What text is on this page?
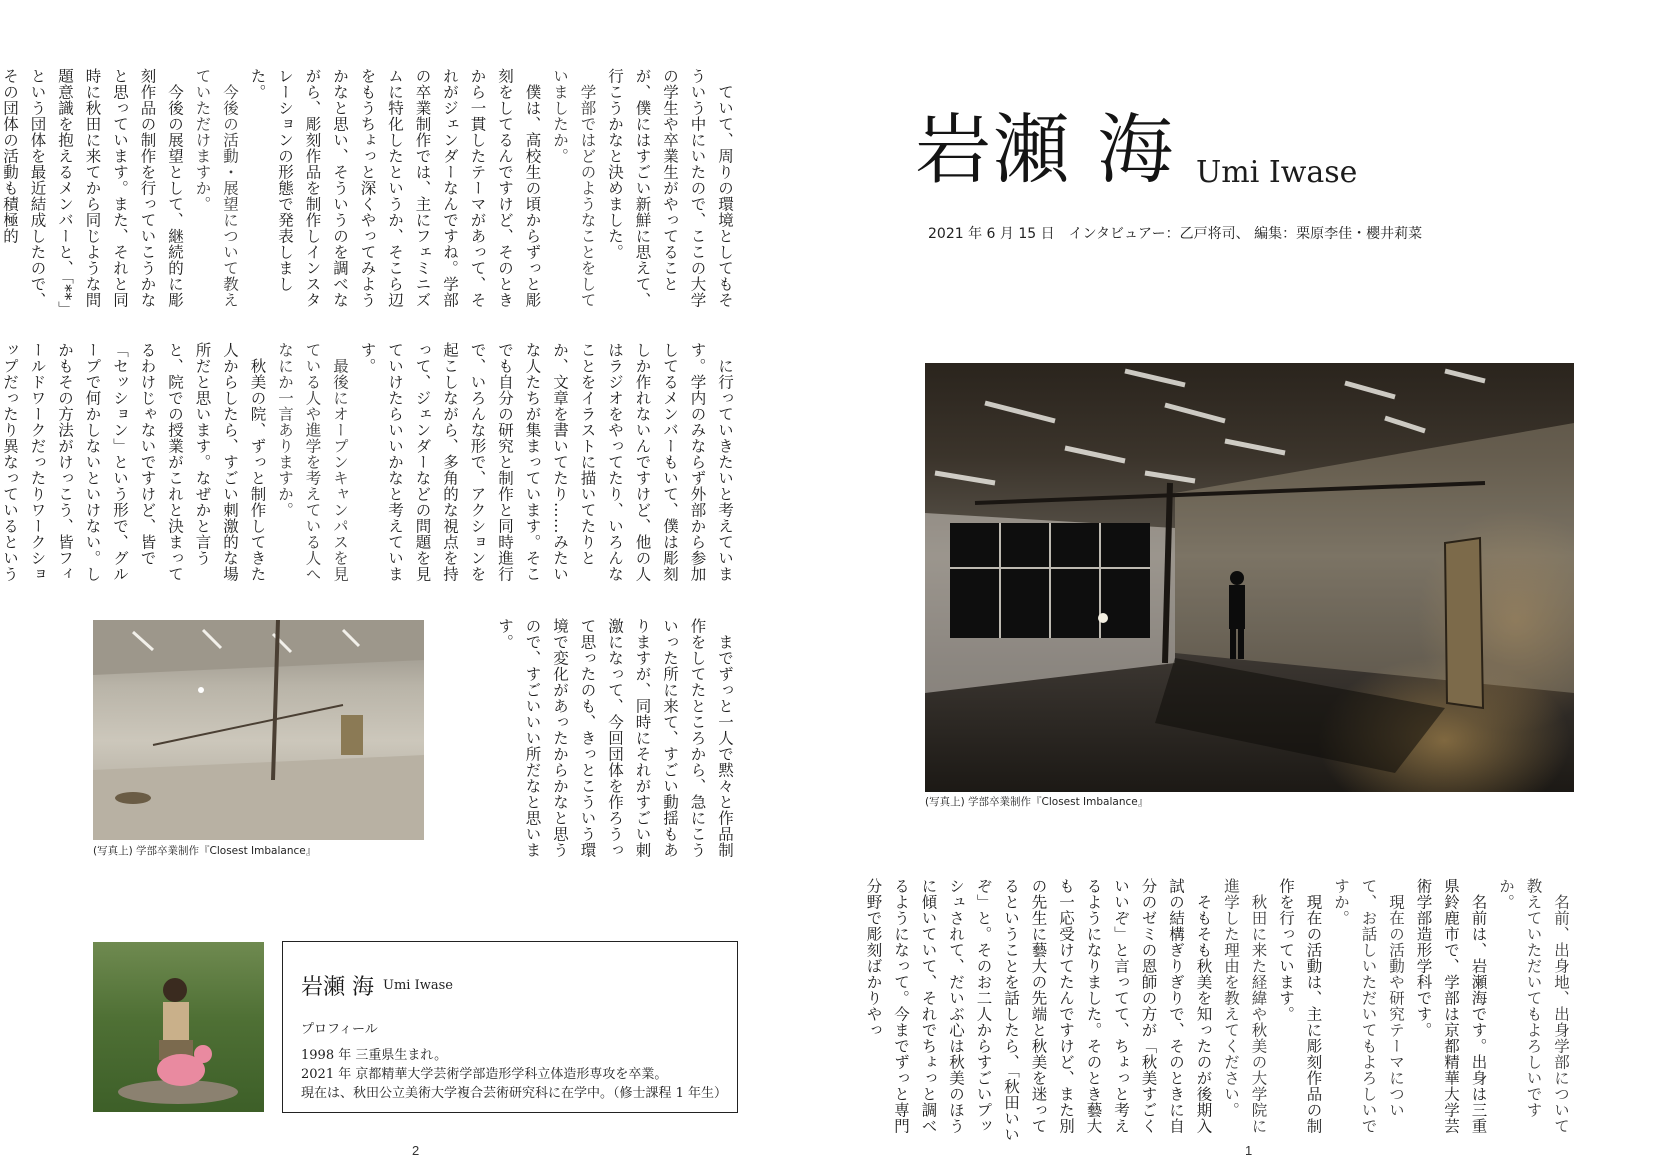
岩瀬 海 Umi Iwase
2021 年 6 月 15 日　インタビュアー：乙戸将司、 編集：栗原李佳・櫻井莉菜
(写真上) 学部卒業制作『Closest Imbalance』

名前、出身地、出身学部について教えていただいてもよろしいですか。

名前は、岩瀬海です。出身は三重県鈴鹿市で、学部は京都精華大学芸術学部造形学科です。

現在の活動や研究テーマについて、お話しいただいてもよろしいですか。

現在の活動は、主に彫刻作品の制作を行っています。

秋田に来た経緯や秋美の大学院に進学した理由を教えてください。

そもそも秋美を知ったのが後期入試の結構ぎりぎりで、そのときに自分のゼミの恩師の方が「秋美すごくいいぞ」と言ってて、ちょっと考えるようになりました。そのとき藝大も一応受けてたんですけど、また別の先生に藝大の先端と秋美を迷ってるということを話したら、「秋田いいぞ」と。そのお二人からすごいプッシュされて、だいぶ心は秋美のほうに傾いていて、それでちょっと調べるようになって。今までずっと専門分野で彫刻ばかりやっ

1

ていて、周りの環境としてもそういう中にいたので、ここの大学の学生や卒業生がやってることが、僕にはすごい新鮮に思えて、行こうかなと決めました。

学部ではどのようなことをしていましたか。

僕は、高校生の頃からずっと彫刻をしてるんですけど、そのときから一貫したテーマがあって、それがジェンダーなんですね。学部の卒業制作では、主にフェミニズムに特化したというか、そこら辺をもうちょっと深くやってみようかなと思い、そういうのを調べながら、彫刻作品を制作しインスタレーションの形態で発表しました。

今後の活動・展望について教えていただけますか。

今後の展望として、継続的に彫刻作品の制作を行っていこうかなと思っています。また、それと同時に秋田に来てから同じような問題意識を抱えるメンバーと、「**」という団体を最近結成したので、その団体の活動も積極的

に行っていきたいと考えています。学内のみならず外部から参加してるメンバーもいて、僕は彫刻しか作れないんですけど、他の人はラジオをやってたり、いろんなことをイラストに描いてたりとか、文章を書いてたり……みたいな人たちが集まっています。そこでも自分の研究と制作と同時進行で、いろんな形で、アクションを起こしながら、多角的な視点を持って、ジェンダーなどの問題を見ていけたらいいかなと考えています。

最後にオープンキャンパスを見ている人や進学を考えている人へなにか一言ありますか。

秋美の院、ずっと制作してきた人からしたら、すごい刺激的な場所だと思います。なぜかと言うと、院での授業がこれと決まってるわけじゃないですけど、皆で「セッション」という形で、グループで何かしないといけない。しかもその方法がけっこう、皆フィールドワークだったりワークショップだったり異なっているという

までずっと一人で黙々と作品制作をしてたところから、急にこういった所に来て、すごい動揺もありますが、同時にそれがすごい刺激になって、今回団体を作ろうって思ったのも、きっとこういう環境で変化があったからかなと思うので、すごいいい所だなと思います。

(写真上) 学部卒業制作『Closest Imbalance』
岩瀬 海 Umi Iwase
プロフィール
1998 年 三重県生まれ。
2021 年 京都精華大学芸術学部造形学科立体造形専攻を卒業。
現在は、秋田公立美術大学複合芸術研究科に在学中。（修士課程 1 年生）
2
